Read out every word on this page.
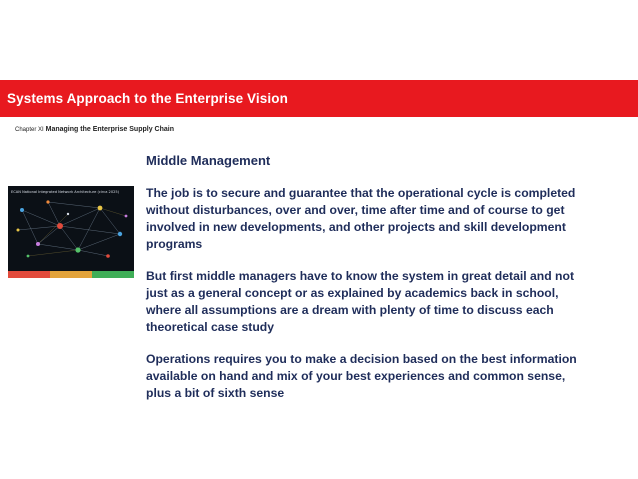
Systems Approach to the Enterprise Vision
Chapter XI Managing the Enterprise Supply Chain
ECAN National Integrated Network Architecture (circa 2025)

Middle Management

The job is to secure and guarantee that the operational cycle is completed without disturbances, over and over, time after time and of course to get involved in new developments, and other projects and skill development programs

But first middle managers have to know the system in great detail and not just as a general concept or as explained by academics back in school, where all assumptions are a dream with plenty of time to discuss each theoretical case study

Operations requires you to make a decision based on the best information available on hand and mix of your best experiences and common sense, plus a bit of sixth sense
